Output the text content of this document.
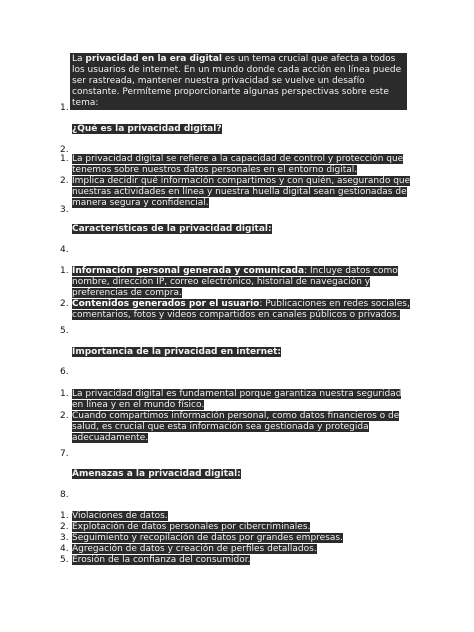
La privacidad en la era digital es un tema crucial que afecta a todos los usuarios de internet. En un mundo donde cada acción en línea puede ser rastreada, mantener nuestra privacidad se vuelve un desafío constante. Permíteme proporcionarte algunas perspectivas sobre este tema:
1.
¿Qué es la privacidad digital?
2.
1. La privacidad digital se refiere a la capacidad de control y protección que tenemos sobre nuestros datos personales en el entorno digital.
2. Implica decidir qué información compartimos y con quién, asegurando que nuestras actividades en línea y nuestra huella digital sean gestionadas de manera segura y confidencial.
3.
Características de la privacidad digital:
4.
1. Información personal generada y comunicada: Incluye datos como nombre, dirección IP, correo electrónico, historial de navegación y preferencias de compra.
2. Contenidos generados por el usuario: Publicaciones en redes sociales, comentarios, fotos y videos compartidos en canales públicos o privados.
5.
Importancia de la privacidad en internet:
6.
1. La privacidad digital es fundamental porque garantiza nuestra seguridad en línea y en el mundo físico.
2. Cuando compartimos información personal, como datos financieros o de salud, es crucial que esta información sea gestionada y protegida adecuadamente.
7.
Amenazas a la privacidad digital:
8.
1. Violaciones de datos.
2. Explotación de datos personales por cibercriminales.
3. Seguimiento y recopilación de datos por grandes empresas.
4. Agregación de datos y creación de perfiles detallados.
5. Erosión de la confianza del consumidor.
